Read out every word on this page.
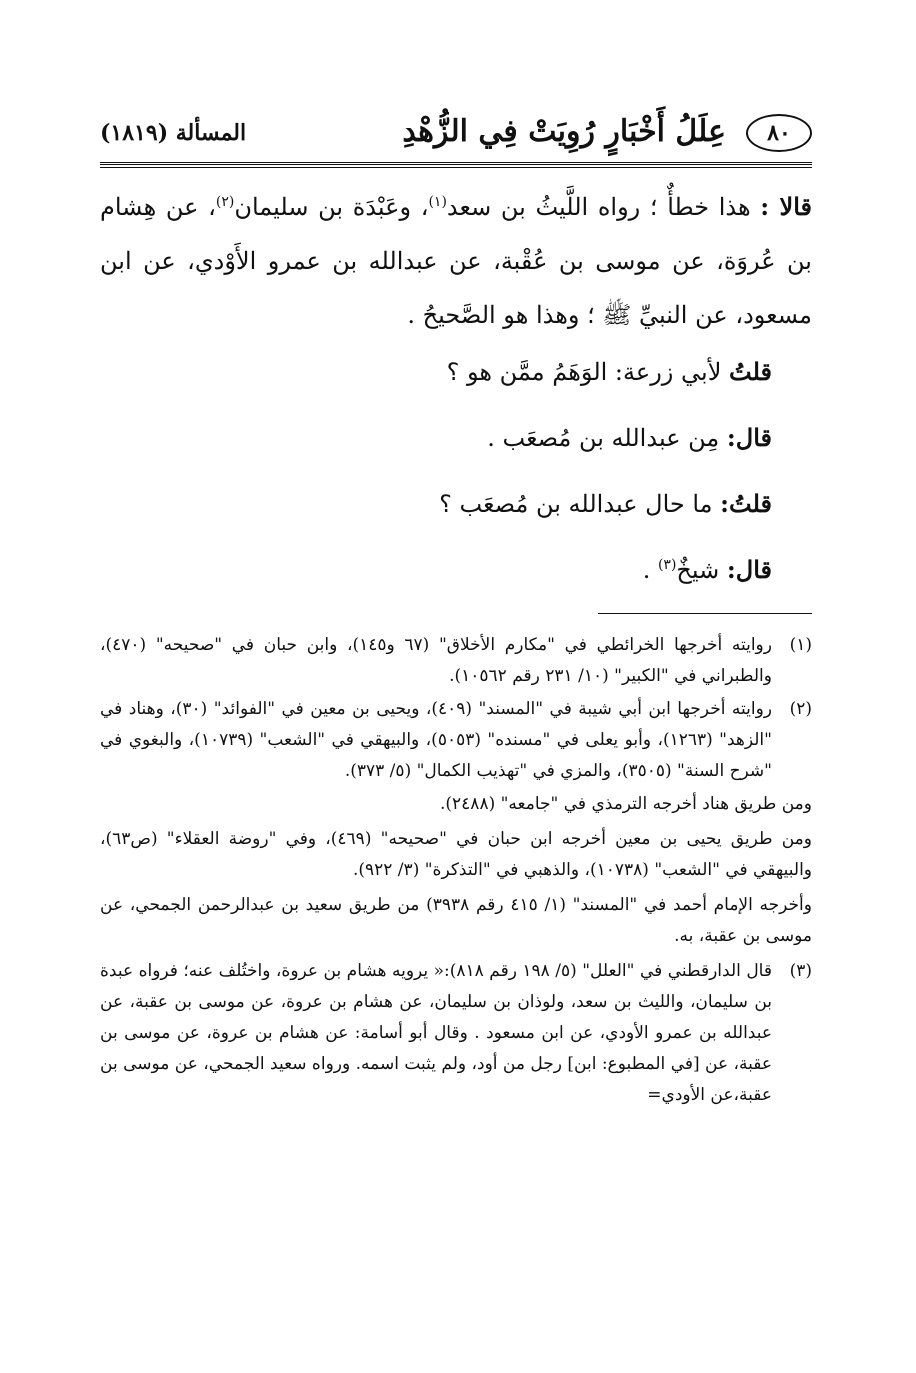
٨٠
عِلَلُ أَخْبَارٍ رُوِيَتْ فِي الزُّهْدِ
المسألة (١٨١٩)

قالا : هذا خطأٌ ؛ رواه اللَّيثُ بن سعد$^{(١)}$، وعَبْدَة بن سليمان$^{(٢)}$، عن هِشام بن عُروَة، عن موسى بن عُقْبة، عن عبدالله بن عمرو الأَوْدي، عن ابن مسعود، عن النبيِّ ﷺ ؛ وهذا هو الصَّحيحُ .

قلتُ لأبي زرعة: الوَهَمُ ممَّن هو ؟

قال: مِن عبدالله بن مُصعَب .

قلتُ: ما حال عبدالله بن مُصعَب ؟

قال: شيخٌ$^{(٣)}$ .

(١)
روايته أخرجها الخرائطي في "مكارم الأخلاق" (٦٧ و١٤٥)، وابن حبان في "صحيحه" (٤٧٠)، والطبراني في "الكبير" (١٠/ ٢٣١ رقم ١٠٥٦٢).

(٢)
روايته أخرجها ابن أبي شيبة في "المسند" (٤٠٩)، ويحيى بن معين في "الفوائد" (٣٠)، وهناد في "الزهد" (١٢٦٣)، وأبو يعلى في "مسنده" (٥٠٥٣)، والبيهقي في "الشعب" (١٠٧٣٩)، والبغوي في "شرح السنة" (٣٥٠٥)، والمزي في "تهذيب الكمال" (٥/ ٣٧٣).

ومن طريق هناد أخرجه الترمذي في "جامعه" (٢٤٨٨).

ومن طريق يحيى بن معين أخرجه ابن حبان في "صحيحه" (٤٦٩)، وفي "روضة العقلاء" (ص٦٣)، والبيهقي في "الشعب" (١٠٧٣٨)، والذهبي في "التذكرة" (٣/ ٩٢٢).

وأخرجه الإمام أحمد في "المسند" (١/ ٤١٥ رقم ٣٩٣٨) من طريق سعيد بن عبدالرحمن الجمحي، عن موسى بن عقبة، به.

(٣)
قال الدارقطني في "العلل" (٥/ ١٩٨ رقم ٨١٨):« يرويه هشام بن عروة، واختُلف عنه؛ فرواه عبدة بن سليمان، والليث بن سعد، ولوذان بن سليمان، عن هشام بن عروة، عن موسى بن عقبة، عن عبدالله بن عمرو الأودي، عن ابن مسعود . وقال أبو أسامة: عن هشام بن عروة، عن موسى بن عقبة، عن [في المطبوع: ابن] رجل من أود، ولم يثبت اسمه. ورواه سعيد الجمحي، عن موسى بن عقبة،عن الأودي=
